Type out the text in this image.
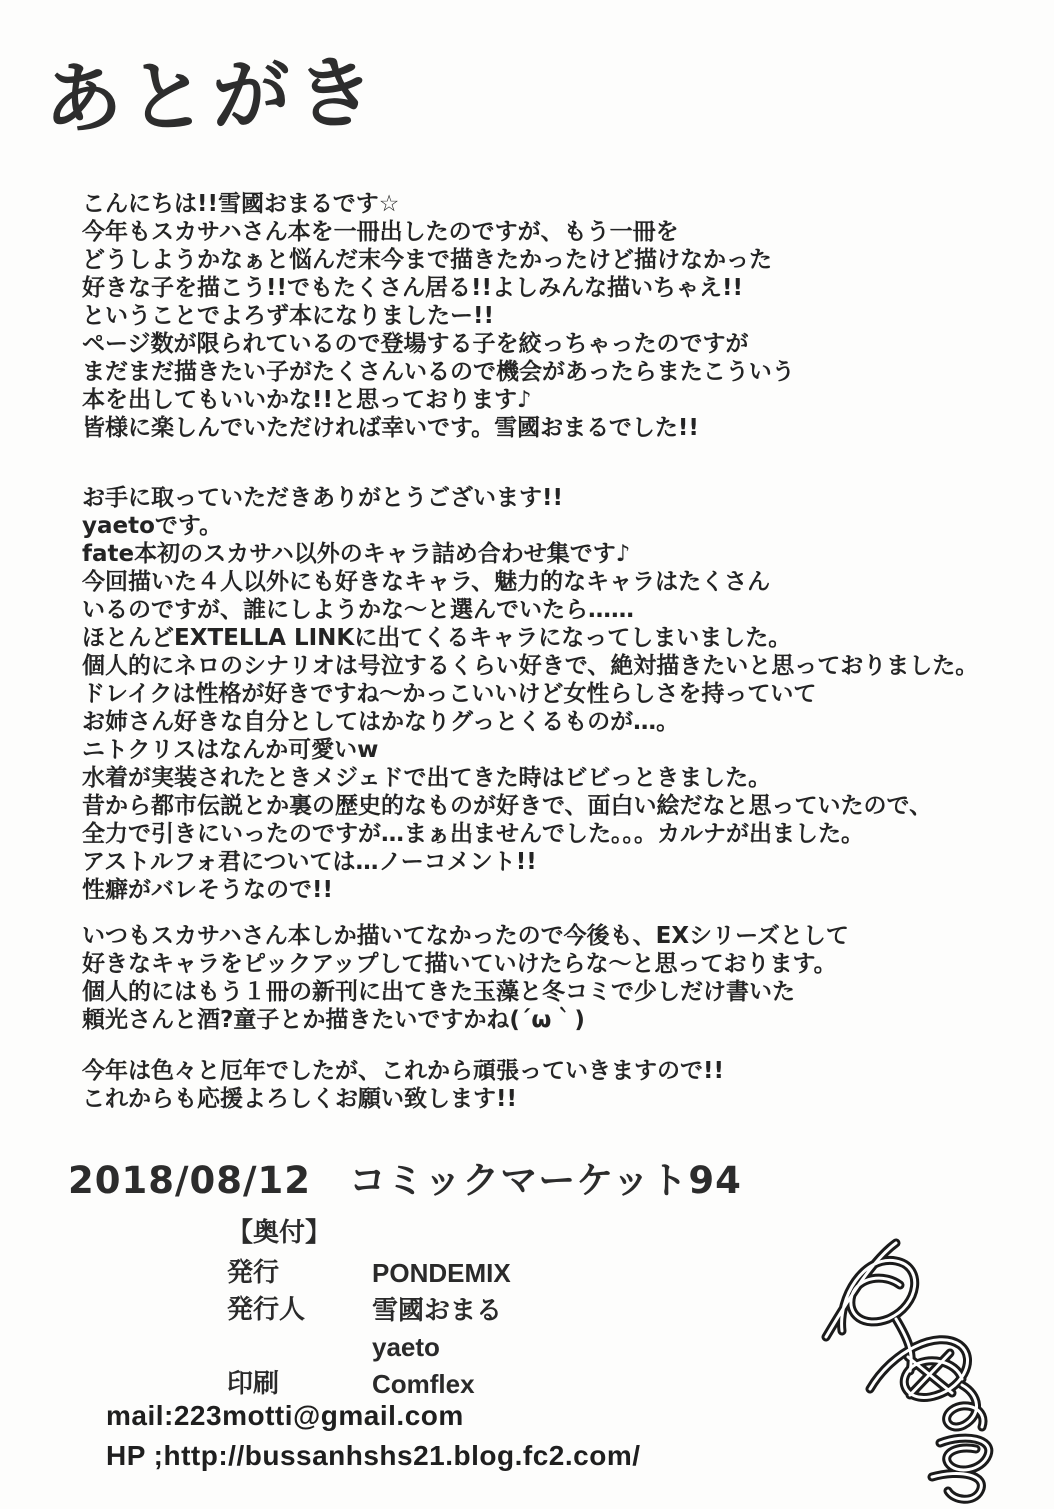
あとがき
こんにちは!!雪國おまるです☆
今年もスカサハさん本を一冊出したのですが、もう一冊を
どうしようかなぁと悩んだ末今まで描きたかったけど描けなかった
好きな子を描こう!!でもたくさん居る!!よしみんな描いちゃえ!!
ということでよろず本になりましたー!!
ページ数が限られているので登場する子を絞っちゃったのですが
まだまだ描きたい子がたくさんいるので機会があったらまたこういう
本を出してもいいかな!!と思っております♪
皆様に楽しんでいただければ幸いです。雪國おまるでした!!
お手に取っていただきありがとうございます!!
yaetoです。
fate本初のスカサハ以外のキャラ詰め合わせ集です♪
今回描いた４人以外にも好きなキャラ、魅力的なキャラはたくさん
いるのですが、誰にしようかな～と選んでいたら……
ほとんどEXTELLA LINKに出てくるキャラになってしまいました。
個人的にネロのシナリオは号泣するくらい好きで、絶対描きたいと思っておりました。
ドレイクは性格が好きですね～かっこいいけど女性らしさを持っていて
お姉さん好きな自分としてはかなりグっとくるものが…。
ニトクリスはなんか可愛いw
水着が実装されたときメジェドで出てきた時はビビっときました。
昔から都市伝説とか裏の歴史的なものが好きで、面白い絵だなと思っていたので、
全力で引きにいったのですが…まぁ出ませんでした。。。カルナが出ました。
アストルフォ君については…ノーコメント!!
性癖がバレそうなので!!
いつもスカサハさん本しか描いてなかったので今後も、EXシリーズとして
好きなキャラをピックアップして描いていけたらな～と思っております。
個人的にはもう１冊の新刊に出てきた玉藻と冬コミで少しだけ書いた
頼光さんと酒?童子とか描きたいですかね(´ω｀)
今年は色々と厄年でしたが、これから頑張っていきますので!!
これからも応援よろしくお願い致します!!
2018/08/12　コミックマーケット94
【奥付】
発行	PONDEMIX
発行人	雪國おまる
yaeto
印刷	Comflex
mail:223motti@gmail.com
HP ;http://bussanhshs21.blog.fc2.com/
